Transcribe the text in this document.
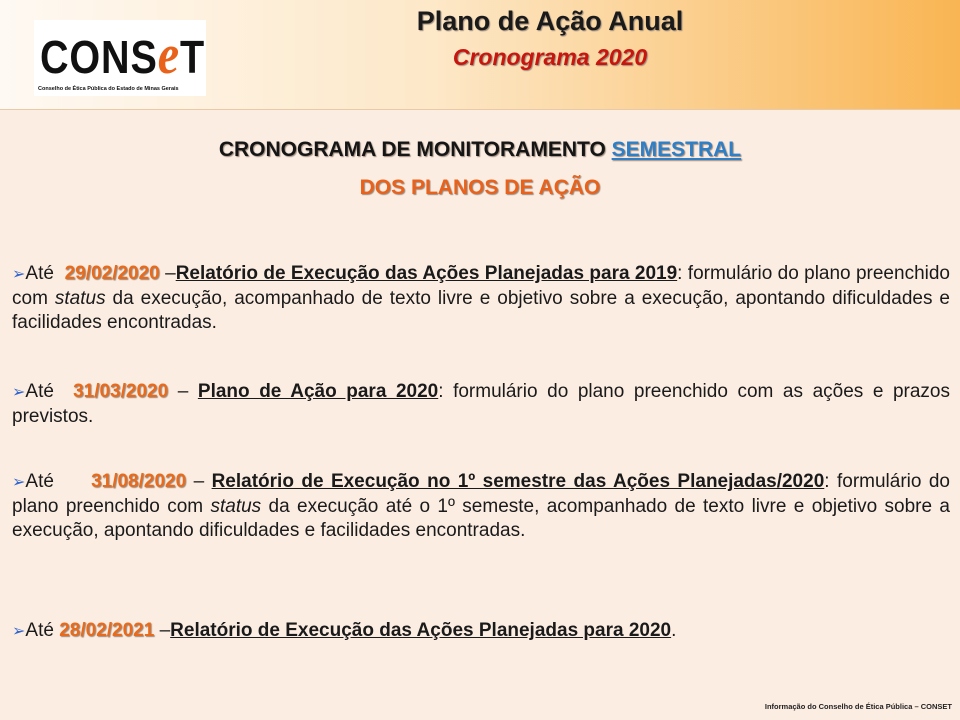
CONSeT
Conselho de Ética Pública do Estado de Minas Gerais
Plano de Ação Anual
Cronograma 2020
CRONOGRAMA DE MONITORAMENTO SEMESTRAL
DOS PLANOS DE AÇÃO
➢Até  29/02/2020 –Relatório de Execução das Ações Planejadas para 2019: formulário do plano preenchido com status da execução, acompanhado de texto livre e objetivo sobre a execução, apontando dificuldades e facilidades encontradas.
➢Até  31/03/2020 – Plano de Ação para 2020: formulário do plano preenchido com as ações e prazos previstos.
➢Até     31/08/2020 – Relatório de Execução no 1º semestre das Ações Planejadas/2020: formulário do plano preenchido com status da execução até o 1º semeste, acompanhado de texto livre e objetivo sobre a execução, apontando dificuldades e facilidades encontradas.
➢Até 28/02/2021 –Relatório de Execução das Ações Planejadas para 2020.
Informação do Conselho de Ética Pública – CONSET
